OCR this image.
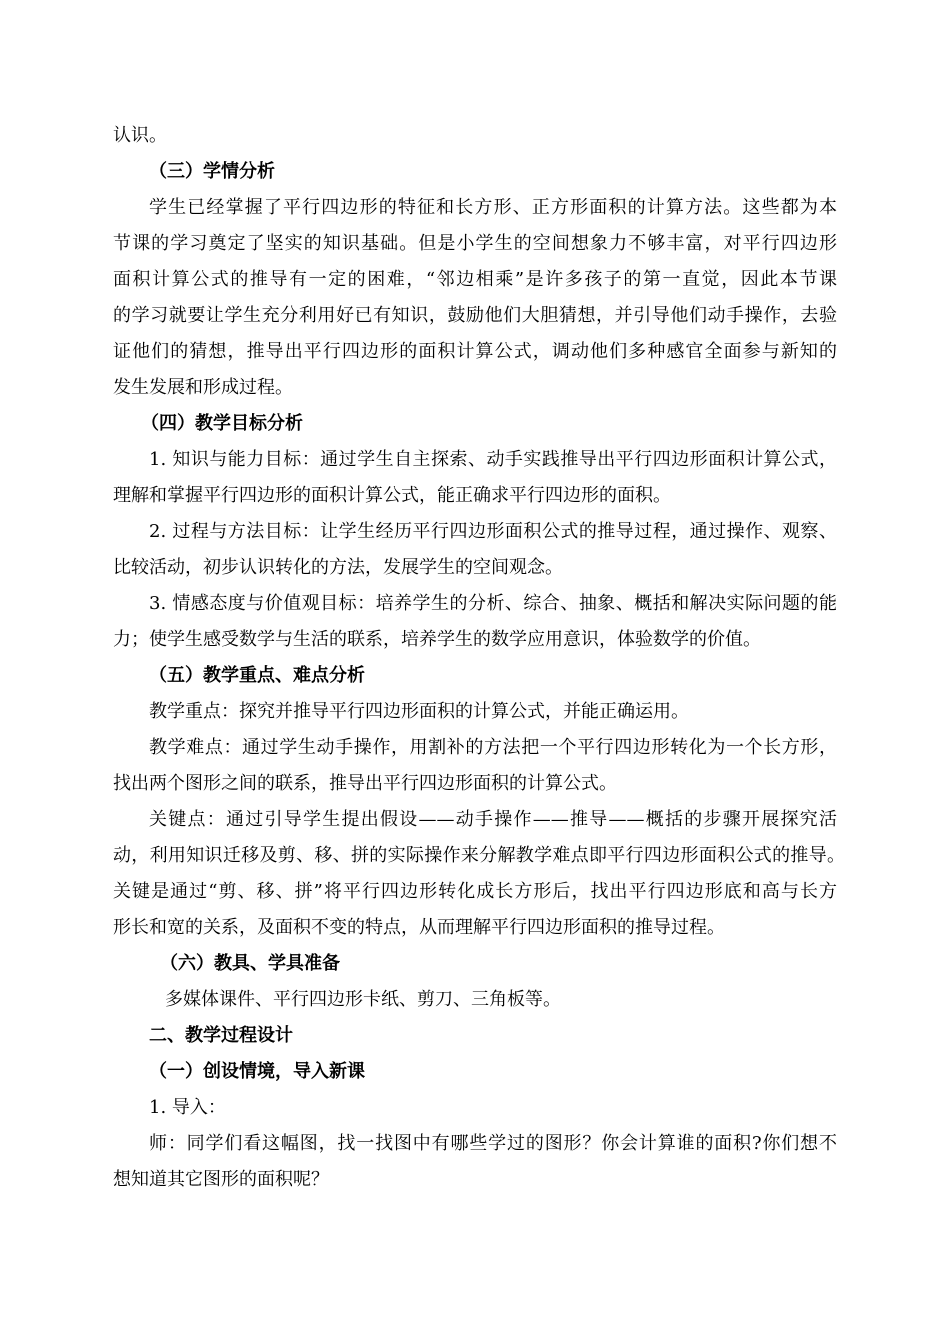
认识。
（三）学情分析
学生已经掌握了平行四边形的特征和长方形、正方形面积的计算方法。这些都为本
节课的学习奠定了坚实的知识基础。但是小学生的空间想象力不够丰富，对平行四边形
面积计算公式的推导有一定的困难，“邻边相乘”是许多孩子的第一直觉，因此本节课
的学习就要让学生充分利用好已有知识，鼓励他们大胆猜想，并引导他们动手操作，去验
证他们的猜想，推导出平行四边形的面积计算公式，调动他们多种感官全面参与新知的
发生发展和形成过程。
（四）教学目标分析
1. 知识与能力目标：通过学生自主探索、动手实践推导出平行四边形面积计算公式，
理解和掌握平行四边形的面积计算公式，能正确求平行四边形的面积。
2. 过程与方法目标：让学生经历平行四边形面积公式的推导过程，通过操作、观察、
比较活动，初步认识转化的方法，发展学生的空间观念。
3. 情感态度与价值观目标：培养学生的分析、综合、抽象、概括和解决实际问题的能
力；使学生感受数学与生活的联系，培养学生的数学应用意识，体验数学的价值。
（五）教学重点、难点分析
教学重点：探究并推导平行四边形面积的计算公式，并能正确运用。
教学难点：通过学生动手操作，用割补的方法把一个平行四边形转化为一个长方形，
找出两个图形之间的联系，推导出平行四边形面积的计算公式。
关键点：通过引导学生提出假设——动手操作——推导——概括的步骤开展探究活
动，利用知识迁移及剪、移、拼的实际操作来分解教学难点即平行四边形面积公式的推导。
关键是通过“剪、移、拼”将平行四边形转化成长方形后，找出平行四边形底和高与长方
形长和宽的关系，及面积不变的特点，从而理解平行四边形面积的推导过程。
（六）教具、学具准备
多媒体课件、平行四边形卡纸、剪刀、三角板等。
二、教学过程设计
（一）创设情境，导入新课
1. 导入：
师：同学们看这幅图，找一找图中有哪些学过的图形？你会计算谁的面积?你们想不
想知道其它图形的面积呢？
